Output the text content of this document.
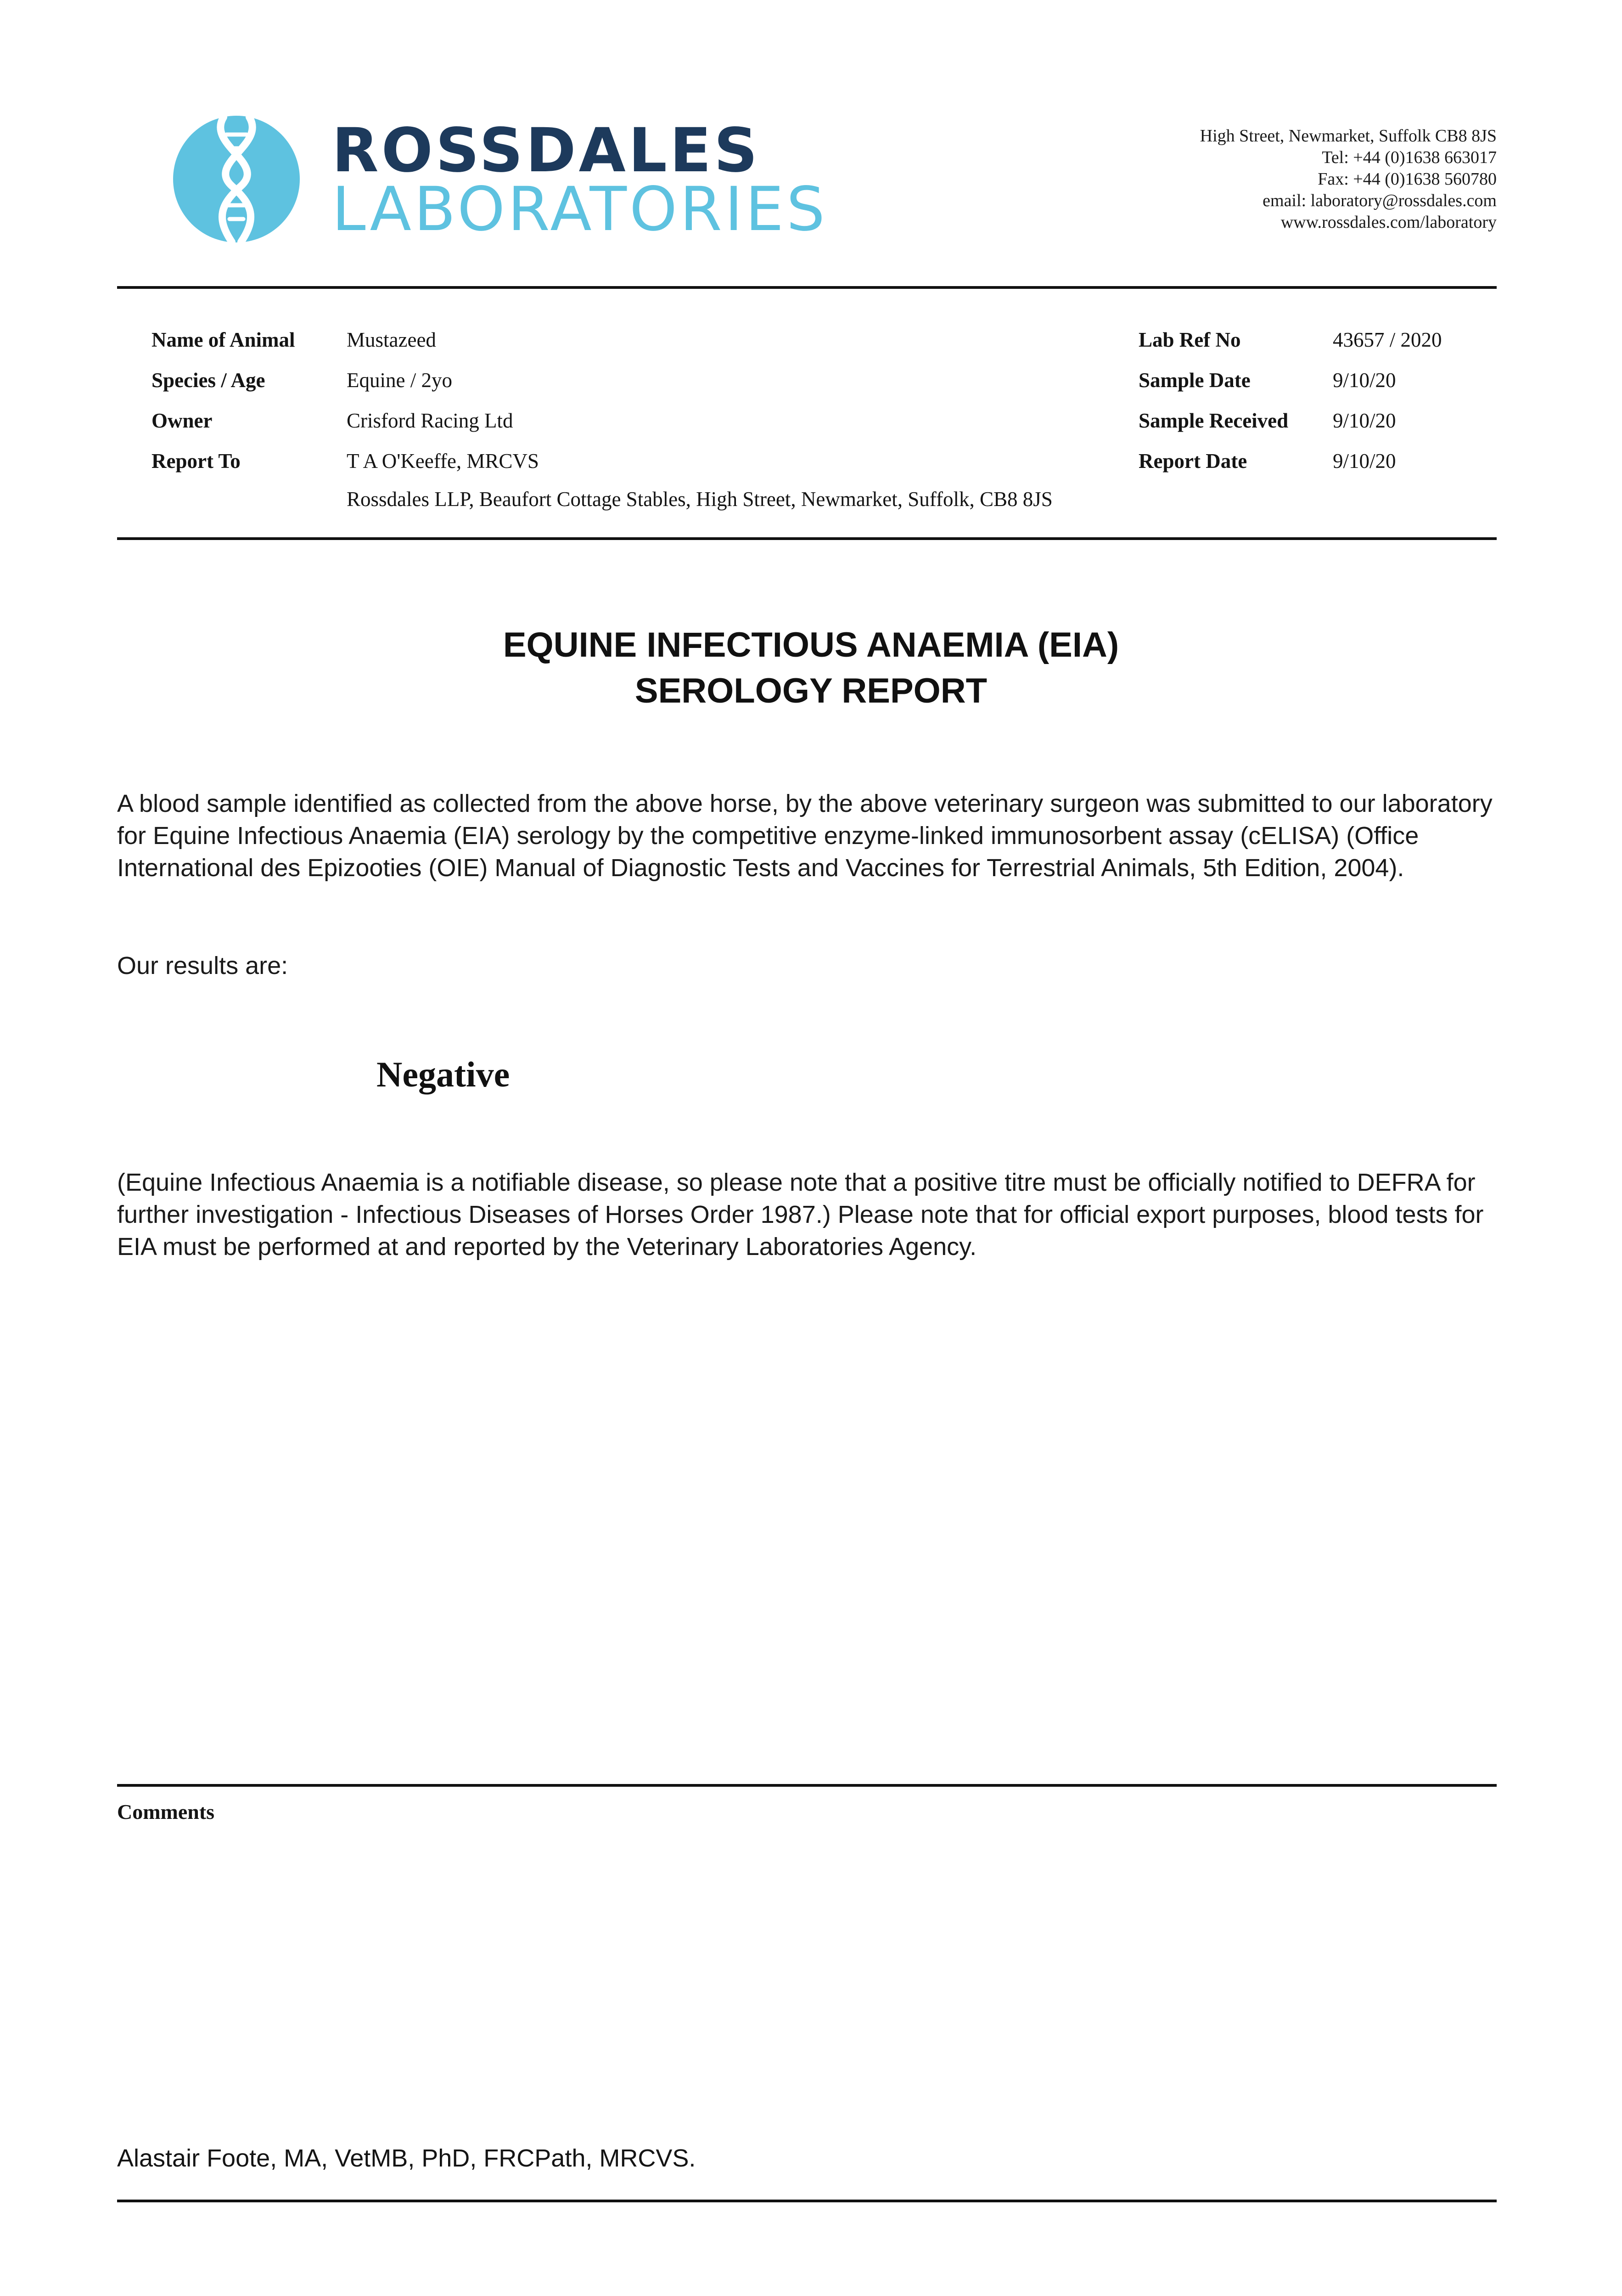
ROSSDALES
LABORATORIES
High Street, Newmarket, Suffolk CB8 8JS
Tel: +44 (0)1638 663017
Fax: +44 (0)1638 560780
email: laboratory@rossdales.com
www.rossdales.com/laboratory
Name of Animal	Mustazeed
Species / Age	Equine / 2yo
Owner	Crisford Racing Ltd
Report To	T A O'Keeffe, MRCVS
Rossdales LLP, Beaufort Cottage Stables, High Street, Newmarket, Suffolk, CB8 8JS
Lab Ref No	43657 / 2020
Sample Date	9/10/20
Sample Received 9/10/20
Report Date	9/10/20
EQUINE INFECTIOUS ANAEMIA (EIA)
SEROLOGY REPORT
A blood sample identified as collected from the above horse, by the above veterinary surgeon was submitted to our laboratory for Equine Infectious Anaemia (EIA) serology by the competitive enzyme-linked immunosorbent assay (cELISA) (Office International des Epizooties (OIE) Manual of Diagnostic Tests and Vaccines for Terrestrial Animals, 5th Edition, 2004).
Our results are:
Negative
(Equine Infectious Anaemia is a notifiable disease, so please note that a positive titre must be officially notified to DEFRA for further investigation - Infectious Diseases of Horses Order 1987.) Please note that for official export purposes, blood tests for EIA must be performed at and reported by the Veterinary Laboratories Agency.
Comments
Alastair Foote, MA, VetMB, PhD, FRCPath, MRCVS.
